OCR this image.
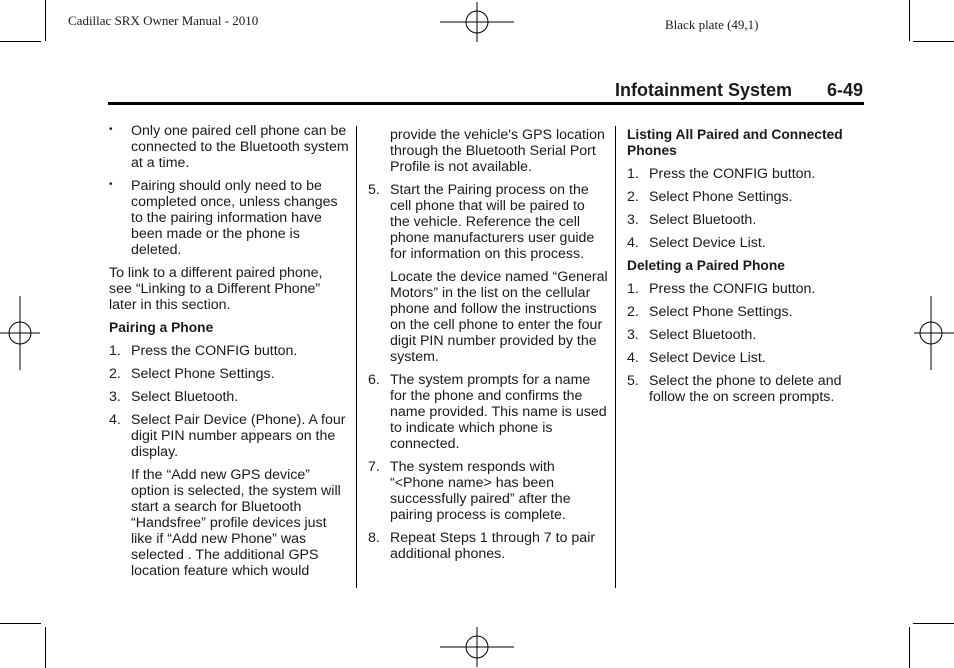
Cadillac SRX Owner Manual - 2010	Black plate (49,1)
Infotainment System 6-49
•	Only one paired cell phone can be connected to the Bluetooth system at a time.
•	Pairing should only need to be completed once, unless changes to the pairing information have been made or the phone is deleted.

To link to a different paired phone, see “Linking to a Different Phone” later in this section.

Pairing a Phone
1. Press the CONFIG button.
2. Select Phone Settings.
3. Select Bluetooth.
4. Select Pair Device (Phone). A four digit PIN number appears on the display.

If the “Add new GPS device” option is selected, the system will start a search for Bluetooth “Handsfree” profile devices just like if “Add new Phone” was selected . The additional GPS location feature which would

provide the vehicle's GPS location through the Bluetooth Serial Port Profile is not available.

5. Start the Pairing process on the cell phone that will be paired to the vehicle. Reference the cell phone manufacturers user guide for information on this process.

Locate the device named “General Motors” in the list on the cellular phone and follow the instructions on the cell phone to enter the four digit PIN number provided by the system.

6. The system prompts for a name for the phone and confirms the name provided. This name is used to indicate which phone is connected.
7. The system responds with “<Phone name> has been successfully paired” after the pairing process is complete.
8. Repeat Steps 1 through 7 to pair additional phones.
Listing All Paired and Connected Phones
1. Press the CONFIG button.
2. Select Phone Settings.
3. Select Bluetooth.
4. Select Device List.
Deleting a Paired Phone
1. Press the CONFIG button.
2. Select Phone Settings.
3. Select Bluetooth.
4. Select Device List.
5. Select the phone to delete and follow the on screen prompts.
